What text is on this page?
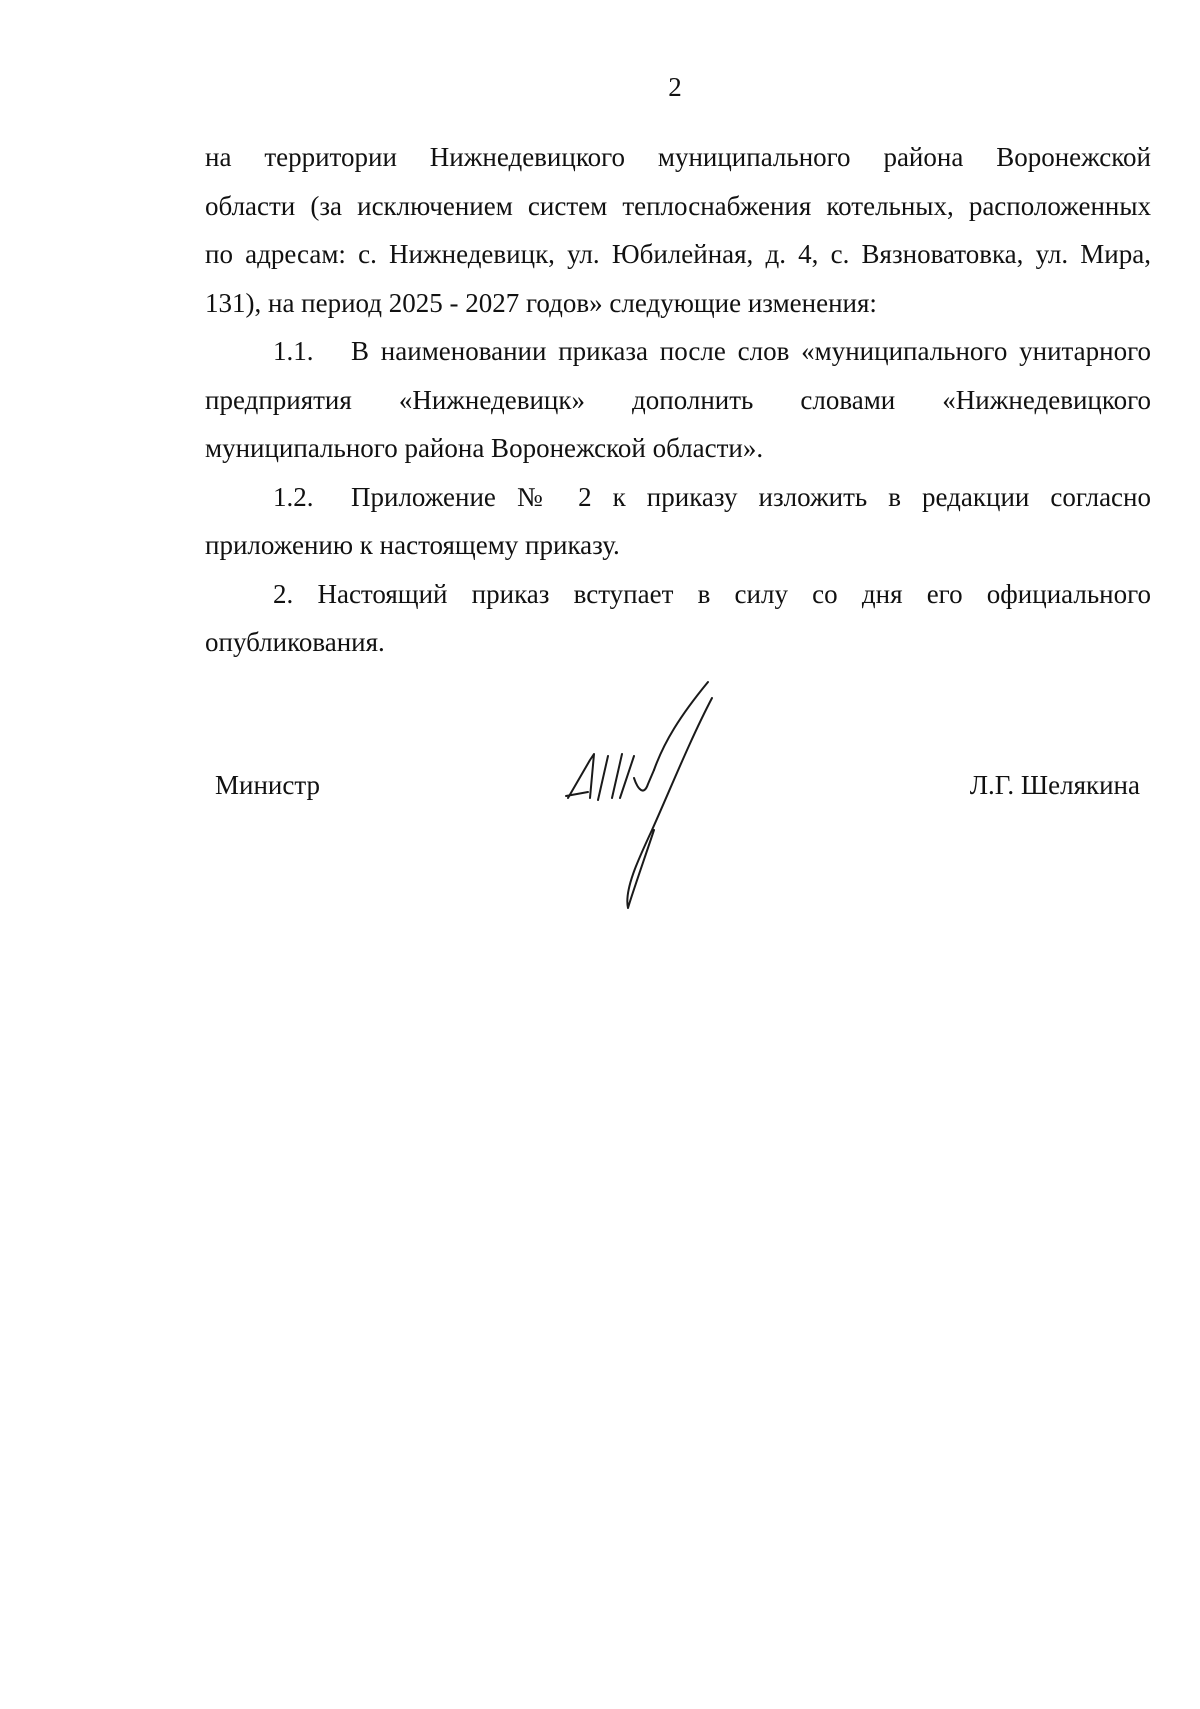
2

на территории Нижнедевицкого муниципального района Воронежской

области (за исключением систем теплоснабжения котельных, расположенных

по адресам: с. Нижнедевицк, ул. Юбилейная, д. 4, с. Вязноватовка, ул. Мира,

131), на период 2025 - 2027 годов» следующие изменения:

1.1. В наименовании приказа после слов «муниципального унитарного

предприятия «Нижнедевицк» дополнить словами «Нижнедевицкого

муниципального района Воронежской области».

1.2. Приложение № 2 к приказу изложить в редакции согласно

приложению к настоящему приказу.

2. Настоящий приказ вступает в силу со дня его официального

опубликования.

Министр	Л.Г. Шелякина
